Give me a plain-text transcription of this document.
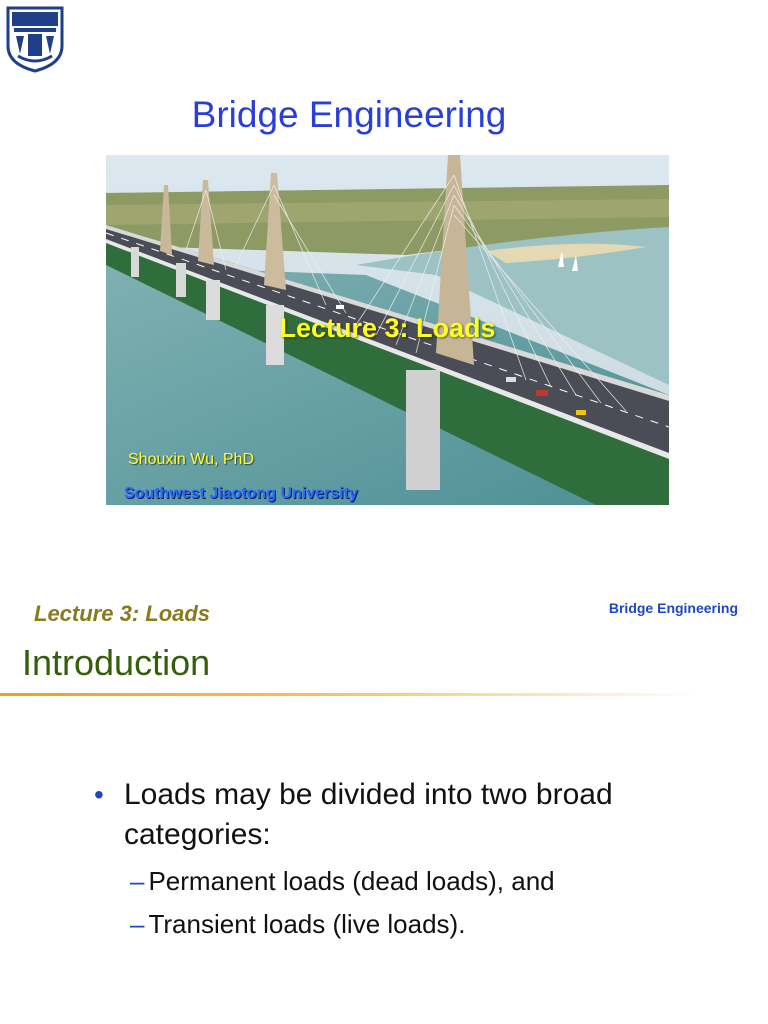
Bridge Engineering
Lecture 3: Loads
Shouxin Wu, PhD
Southwest Jiaotong University
Lecture 3: Loads	Bridge Engineering
Introduction
• Loads may be divided into two broad categories:
– Permanent loads (dead loads), and
– Transient loads (live loads).
